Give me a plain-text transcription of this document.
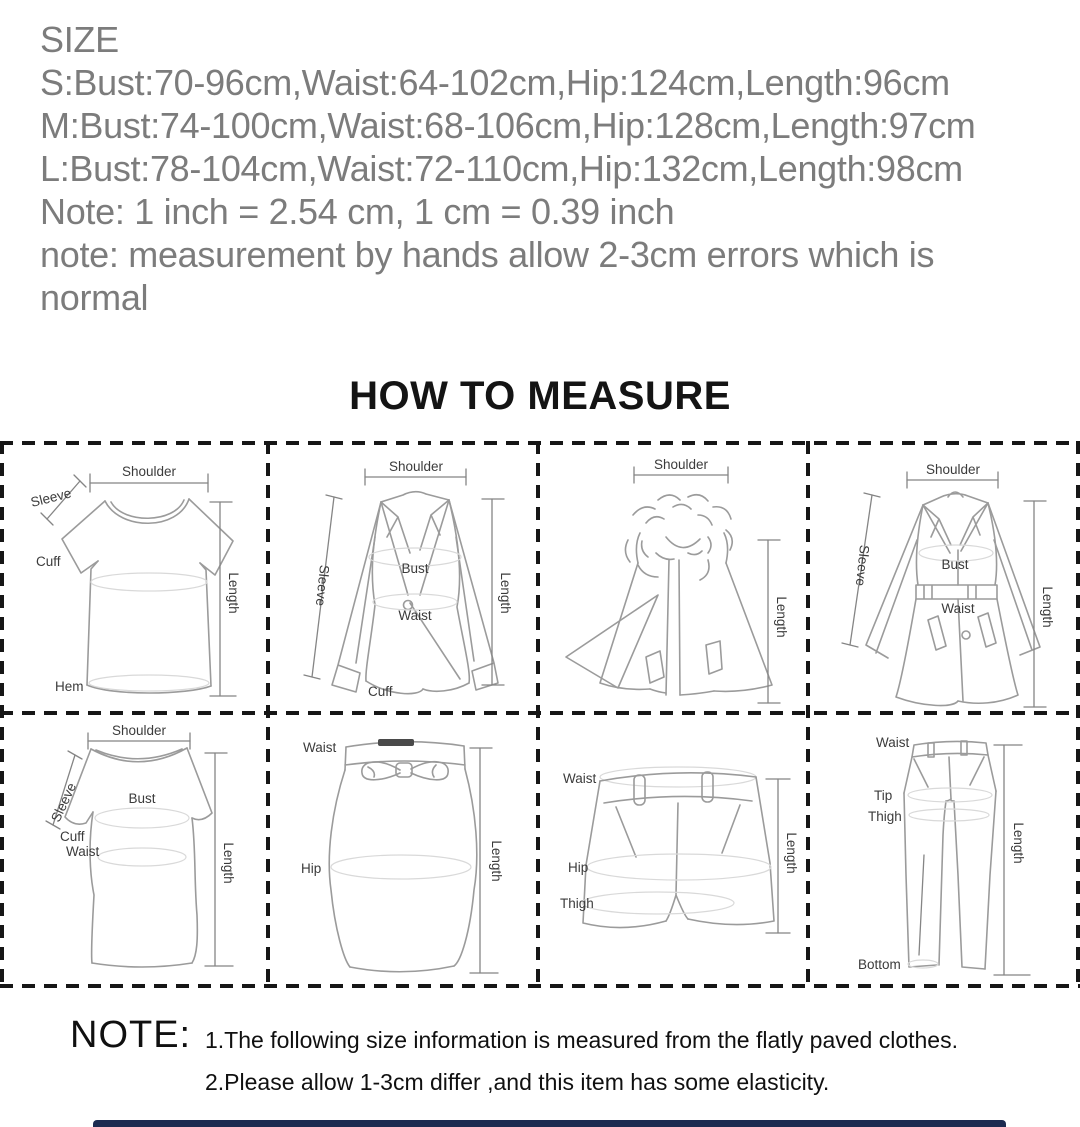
SIZE
S:Bust:70-96cm,Waist:64-102cm,Hip:124cm,Length:96cm
M:Bust:74-100cm,Waist:68-106cm,Hip:128cm,Length:97cm
L:Bust:78-104cm,Waist:72-110cm,Hip:132cm,Length:98cm
Note: 1 inch = 2.54 cm, 1 cm = 0.39 inch
note: measurement by hands allow 2-3cm errors which is normal
HOW TO MEASURE
Shoulder
Sleeve
Cuff
Hem
Length
Shoulder
Bust
Waist
Cuff
Sleeve	Length
Shoulder
Length
Shoulder
Bust
Waist
Sleeve
Length
Shoulder
Bust
Cuff
Waist
Sleeve
Length
Waist
Hip	Length
Waist
Hip
Thigh
Length
Waist
Tip
Thigh
Bottom
Length
NOTE: 1.The following size information is measured from the flatly paved clothes.
2.Please allow 1-3cm differ ,and this item has some elasticity.
